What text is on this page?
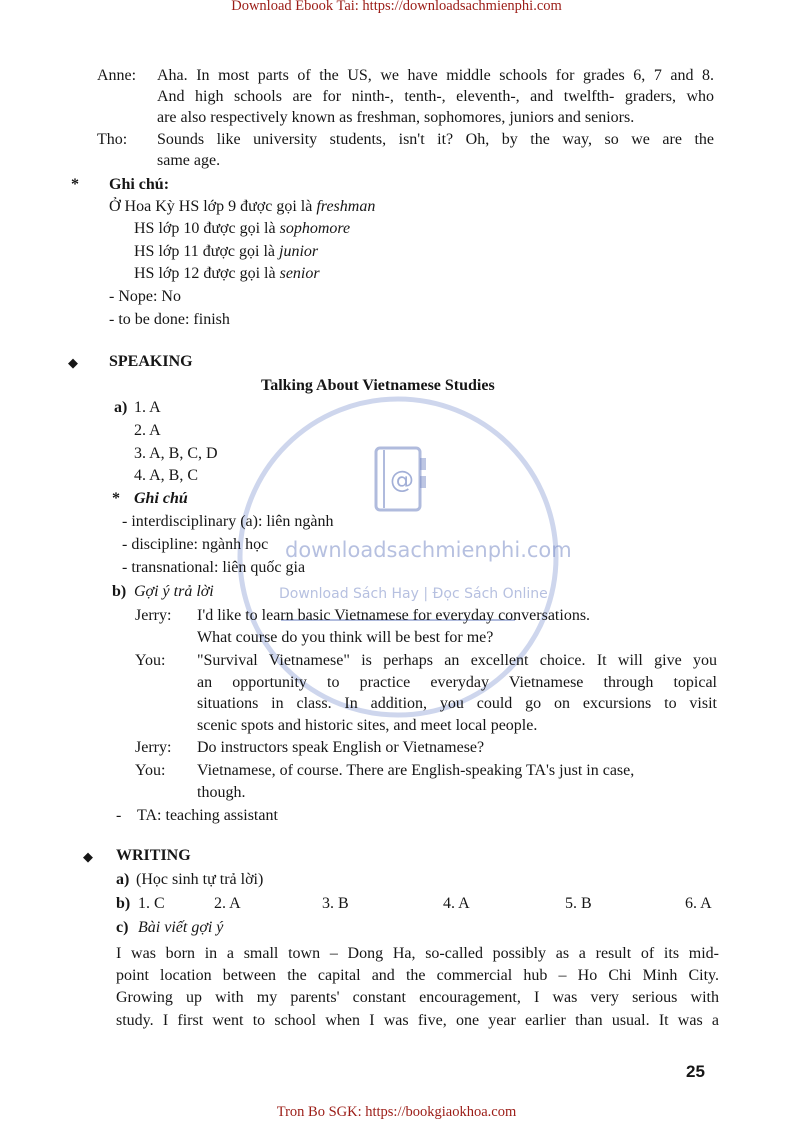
Download Ebook Tai: https://downloadsachmienphi.com
Tron Bo SGK: https://bookgiaokhoa.com
@
downloadsachmienphi.com
Download Sách Hay | Đọc Sách Online
Anne: Aha. In most parts of the US, we have middle schools for grades 6, 7 and 8.
And high schools are for ninth-, tenth-, eleventh-, and twelfth- graders, who
are also respectively known as freshman, sophomores, juniors and seniors.
Tho: Sounds like university students, isn't it? Oh, by the way, so we are the
same age.
* Ghi chú:
Ở Hoa Kỳ HS lớp 9 được gọi là freshman
HS lớp 10 được gọi là sophomore
HS lớp 11 được gọi là junior
HS lớp 12 được gọi là senior
- Nope: No
- to be done: finish
◆ SPEAKING
Talking About Vietnamese Studies
a) 1. A
2. A
3. A, B, C, D
4. A, B, C
* Ghi chú
- interdisciplinary (a): liên ngành
- discipline: ngành học
- transnational: liên quốc gia
b) Gợi ý trả lời
Jerry: I'd like to learn basic Vietnamese for everyday conversations.
What course do you think will be best for me?
You: "Survival Vietnamese" is perhaps an excellent choice. It will give you
an opportunity to practice everyday Vietnamese through topical
situations in class. In addition, you could go on excursions to visit
scenic spots and historic sites, and meet local people.
Jerry: Do instructors speak English or Vietnamese?
You: Vietnamese, of course. There are English-speaking TA's just in case,
though.
- TA: teaching assistant
◆ WRITING
a) (Học sinh tự trả lời)
b) 1. C	2. A	3. B	4. A	5. B	6. A
c) Bài viết gợi ý
I was born in a small town – Dong Ha, so-called possibly as a result of its mid-
point location between the capital and the commercial hub – Ho Chi Minh City.
Growing up with my parents' constant encouragement, I was very serious with
study. I first went to school when I was five, one year earlier than usual. It was a
25
